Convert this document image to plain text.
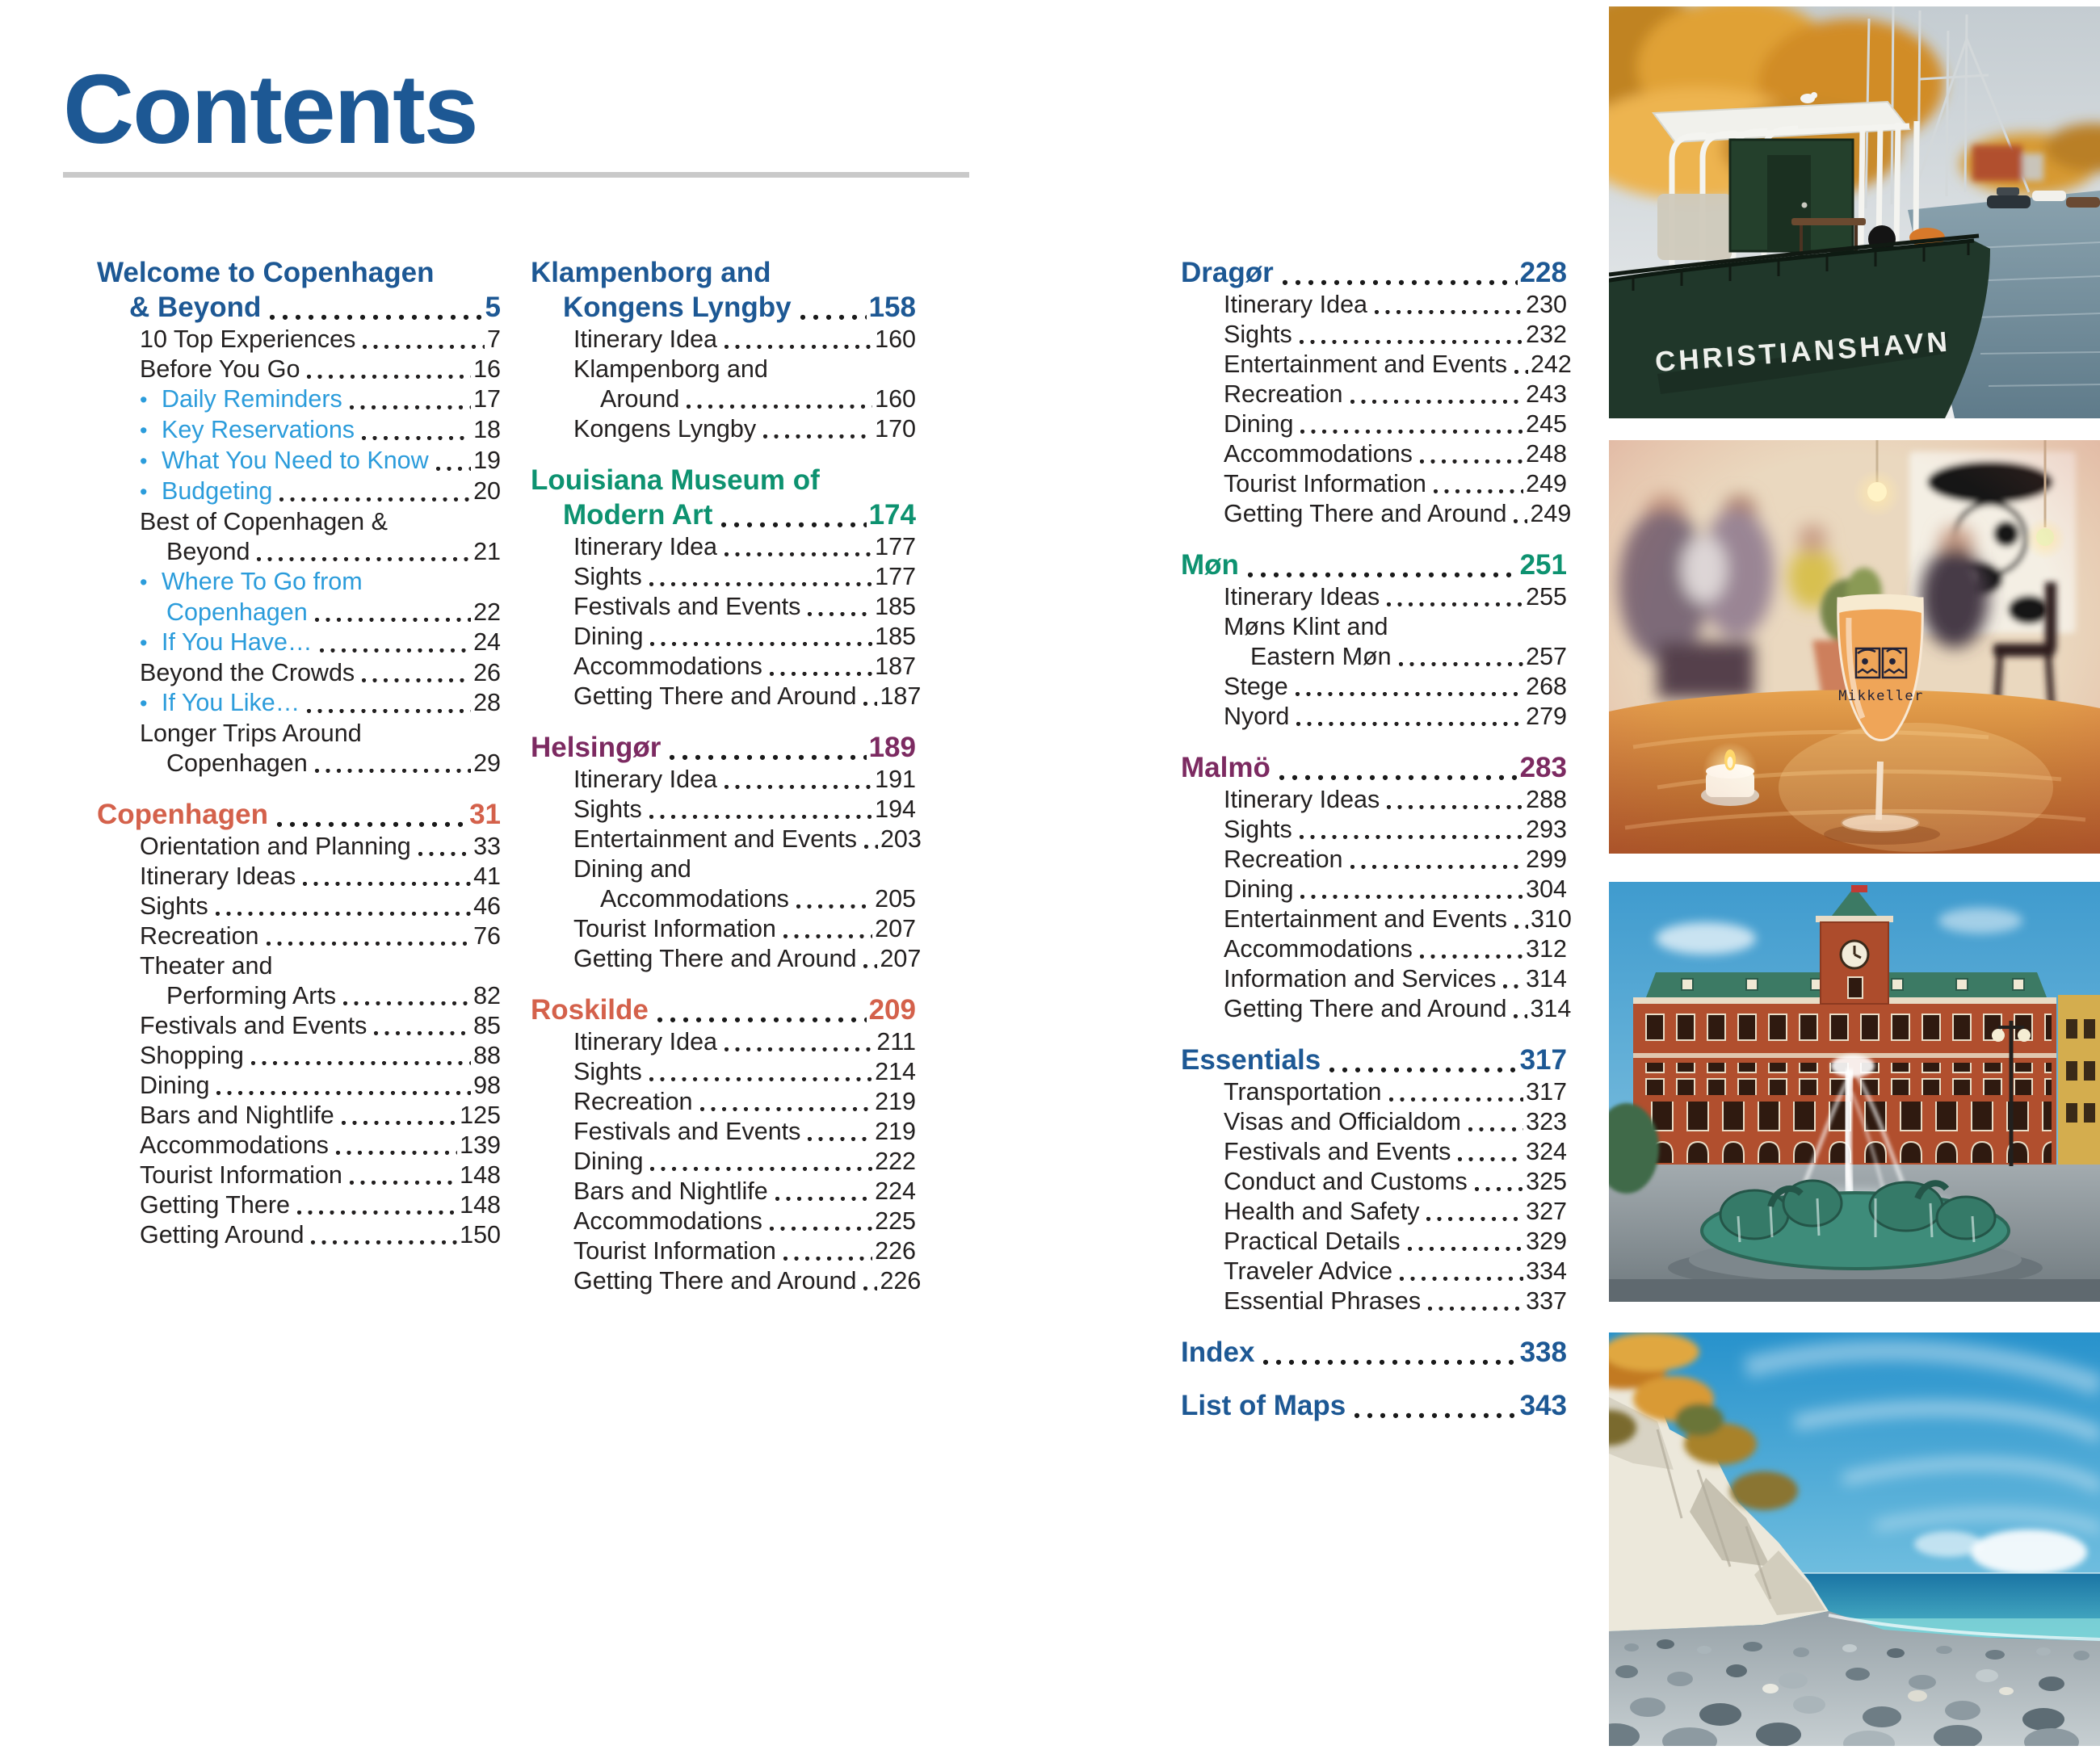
Contents
Welcome to Copenhagen
& Beyond	5
10 Top Experiences	7
Before You Go	16
• Daily Reminders	17
• Key Reservations	18
• What You Need to Know 19
• Budgeting	20
Best of Copenhagen &
Beyond	21
• Where To Go from
Copenhagen	22
• If You Have…	24
Beyond the Crowds	26
• If You Like…	28
Longer Trips Around
Copenhagen	29
Copenhagen	31
Orientation and Planning	33
Itinerary Ideas	41
Sights	46
Recreation	76
Theater and
Performing Arts	82
Festivals and Events	85
Shopping	88
Dining	98
Bars and Nightlife	125
Accommodations	139
Tourist Information	148
Getting There	148
Getting Around	150
Klampenborg and
Kongens Lyngby	158
Itinerary Idea	160
Klampenborg and
Around	160
Kongens Lyngby	170
Louisiana Museum of
Modern Art	174
Itinerary Idea	177
Sights	177
Festivals and Events	185
Dining	185
Accommodations	187
Getting There and Around 187
Helsingør	189
Itinerary Idea	191
Sights	194
Entertainment and Events 203
Dining and
Accommodations	205
Tourist Information	207
Getting There and Around 207
Roskilde	209
Itinerary Idea	211
Sights	214
Recreation	219
Festivals and Events	219
Dining	222
Bars and Nightlife	224
Accommodations	225
Tourist Information	226
Getting There and Around 226
Dragør	228
Itinerary Idea	230
Sights	232
Entertainment and Events 242
Recreation	243
Dining	245
Accommodations	248
Tourist Information	249
Getting There and Around 249
Møn	251
Itinerary Ideas	255
Møns Klint and
Eastern Møn	257
Stege	268
Nyord	279
Malmö	283
Itinerary Ideas	288
Sights	293
Recreation	299
Dining	304
Entertainment and Events 310
Accommodations	312
Information and Services 314
Getting There and Around 314
Essentials	317
Transportation	317
Visas and Officialdom	323
Festivals and Events	324
Conduct and Customs 325
Health and Safety	327
Practical Details	329
Traveler Advice	334
Essential Phrases	337
Index	338
List of Maps	343
CHRISTIANSHAVN
